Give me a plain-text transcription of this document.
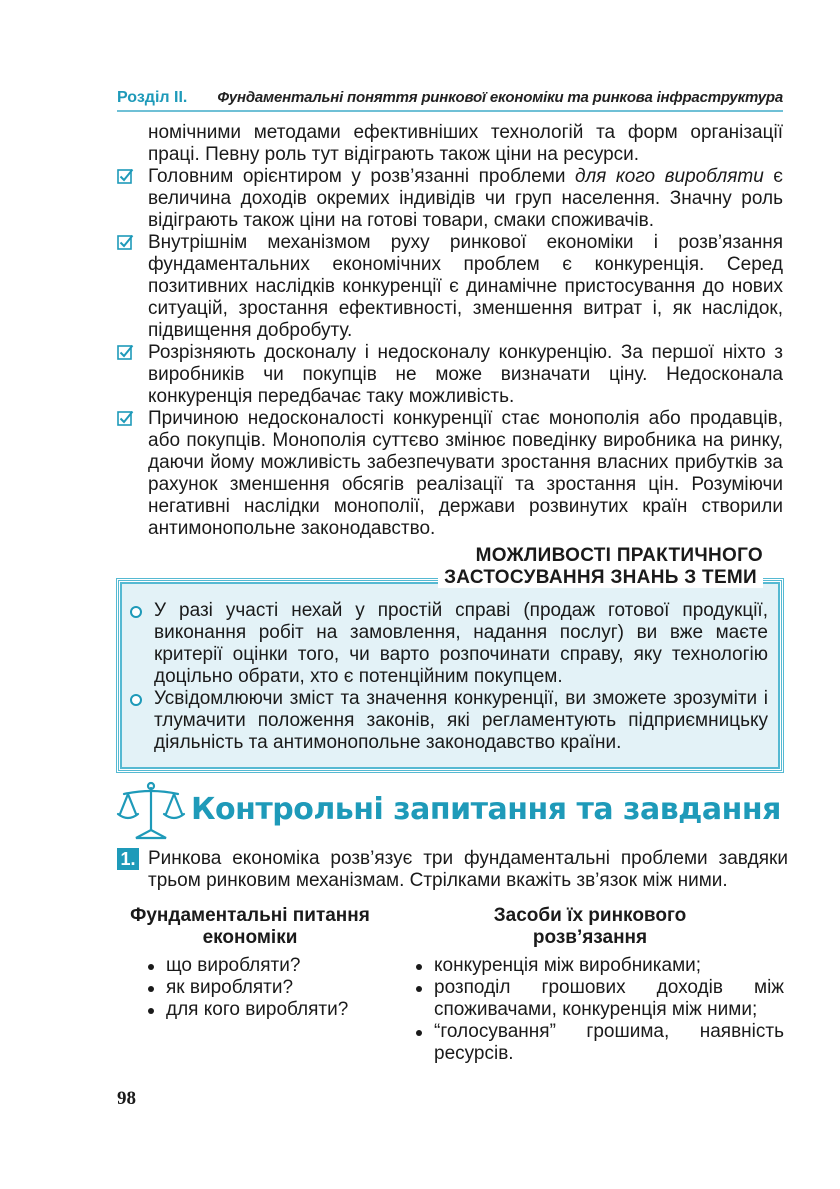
Розділ ІІ. Фундаментальні поняття ринкової економіки та ринкова інфраструктура
номічними методами ефективніших технологій та форм організації праці. Певну роль тут відіграють також ціни на ресурси.
Головним орієнтиром у розв’язанні проблеми для кого виробляти є величина доходів окремих індивідів чи груп населення. Значну роль відіграють також ціни на готові товари, смаки споживачів.
Внутрішнім механізмом руху ринкової економіки і розв’язання фундаментальних економічних проблем є конкуренція. Серед позитивних наслідків конкуренції є динамічне пристосування до нових ситуацій, зростання ефективності, зменшення витрат і, як наслідок, підвищення добробуту.
Розрізняють досконалу і недосконалу конкуренцію. За першої ніхто з виробників чи покупців не може визначати ціну. Недосконала конкуренція передбачає таку можливість.
Причиною недосконалості конкуренції стає монополія або продавців, або покупців. Монополія суттєво змінює поведінку виробника на ринку, даючи йому можливість забезпечувати зростання власних прибутків за рахунок зменшення обсягів реалізації та зростання цін. Розуміючи негативні наслідки монополії, держави розвинутих країн створили антимонопольне законодавство.
МОЖЛИВОСТІ ПРАКТИЧНОГО
ЗАСТОСУВАННЯ ЗНАНЬ З ТЕМИ
У разі участі нехай у простій справі (продаж готової продукції, виконання робіт на замовлення, надання послуг) ви вже маєте критерії оцінки того, чи варто розпочинати справу, яку технологію доцільно обрати, хто є потенційним покупцем.
Усвідомлюючи зміст та значення конкуренції, ви зможете зрозуміти і тлумачити положення законів, які регламентують підприємницьку діяльність та антимонопольне законодавство країни.
Контрольні запитання та завдання
1. Ринкова економіка розв’язує три фундаментальні проблеми завдяки трьом ринковим механізмам. Стрілками вкажіть зв’язок між ними.
Фундаментальні питання економіки
Засоби їх ринкового розв’язання
що виробляти?
як виробляти?
для кого виробляти?
конкуренція між виробниками;
розподіл грошових доходів між споживачами, конкуренція між ними;
“голосування” грошима, наявність ресурсів.
98
